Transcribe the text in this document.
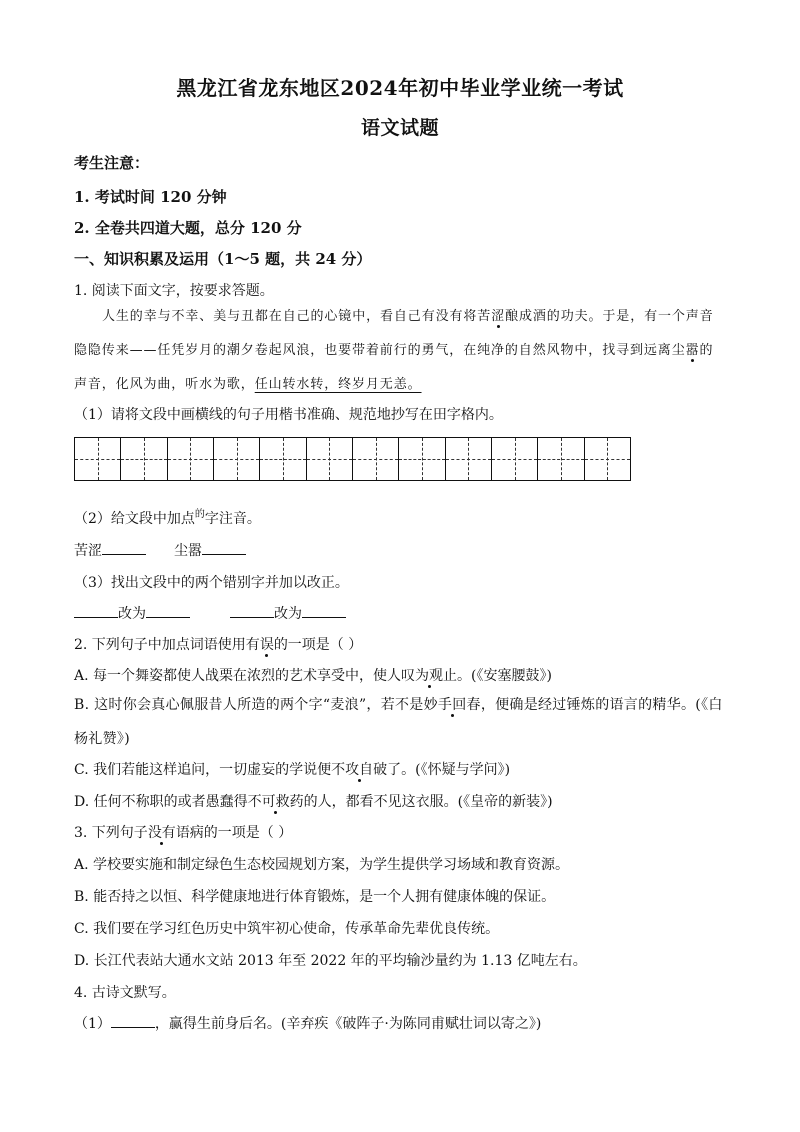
黑龙江省龙东地区2024年初中毕业学业统一考试
语文试题
考生注意：
1. 考试时间 120 分钟
2. 全卷共四道大题，总分 120 分
一、知识积累及运用（1～5 题，共 24 分）
1. 阅读下面文字，按要求答题。
人生的幸与不幸、美与丑都在自己的心镜中，看自己有没有将苦涩酿成酒的功夫。于是，有一个声音隐隐传来——任凭岁月的潮夕卷起风浪，也要带着前行的勇气，在纯净的自然风物中，找寻到远离尘嚣的声音，化风为曲，听水为歌，任山转水转，终岁月无恙。
（1）请将文段中画横线的句子用楷书准确、规范地抄写在田字格内。
（2）给文段中加点$^的$字注音。
苦涩	尘嚣
（3）找出文段中的两个错别字并加以改正。
改为	改为
2. 下列句子中加点词语使用有误的一项是（ ）
A. 每一个舞姿都使人战栗在浓烈的艺术享受中，使人叹为观止。(《安塞腰鼓》)
B. 这时你会真心佩服昔人所造的两个字“麦浪”，若不是妙手回春，便确是经过锤炼的语言的精华。(《白杨礼赞》)
C. 我们若能这样追问，一切虚妄的学说便不攻自破了。(《怀疑与学问》)
D. 任何不称职的或者愚蠢得不可救药的人，都看不见这衣服。(《皇帝的新装》)
3. 下列句子没有语病的一项是（ ）
A. 学校要实施和制定绿色生态校园规划方案，为学生提供学习场域和教育资源。
B. 能否持之以恒、科学健康地进行体育锻炼，是一个人拥有健康体魄的保证。
C. 我们要在学习红色历史中筑牢初心使命，传承革命先辈优良传统。
D. 长江代表站大通水文站 2013 年至 2022 年的平均输沙量约为 1.13 亿吨左右。
4. 古诗文默写。
（1）	，赢得生前身后名。(辛弃疾《破阵子·为陈同甫赋壮词以寄之》)
